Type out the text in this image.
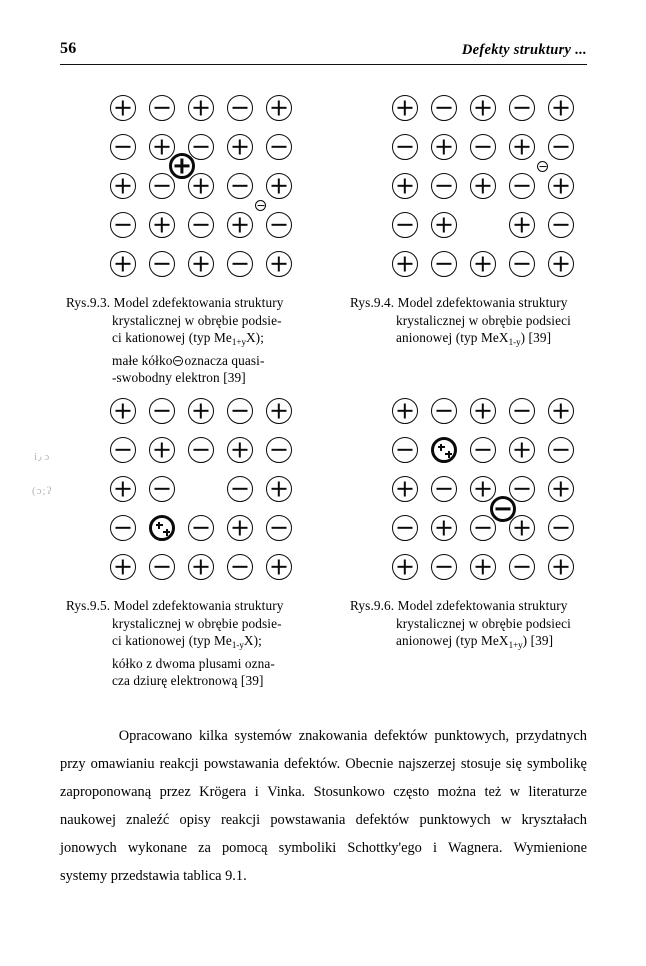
56	Defekty struktury ...
i٫ ɔ
(ɔ;ʔ
Rys.9.3. Model zdefektowania struktury
krystalicznej w obrębie podsie-
ci kationowej (typ $Me_{1+y}X$);
małe kółko oznacza quasi-
-swobodny elektron [39]
Rys.9.4. Model zdefektowania struktury
krystalicznej w obrębie podsieci
anionowej (typ MeX$_{1-y}$) [39]
Rys.9.5. Model zdefektowania struktury
krystalicznej w obrębie podsie-
ci kationowej (typ $Me_{1-y}X$);
kółko z dwoma plusami ozna-
cza dziurę elektronową [39]
Rys.9.6. Model zdefektowania struktury
krystalicznej w obrębie podsieci
anionowej (typ MeX$_{1+y}$) [39]
Opracowano kilka systemów znakowania defektów punktowych, przydatnych
przy omawianiu reakcji powstawania defektów. Obecnie najszerzej stosuje się symbolikę
zaproponowaną przez Krögera i Vinka. Stosunkowo często można też w literaturze
naukowej znaleźć opisy reakcji powstawania defektów punktowych w kryształach
jonowych wykonane za pomocą symboliki Schottky'ego i Wagnera. Wymienione
systemy
przedstawia
tablica
9.1.
